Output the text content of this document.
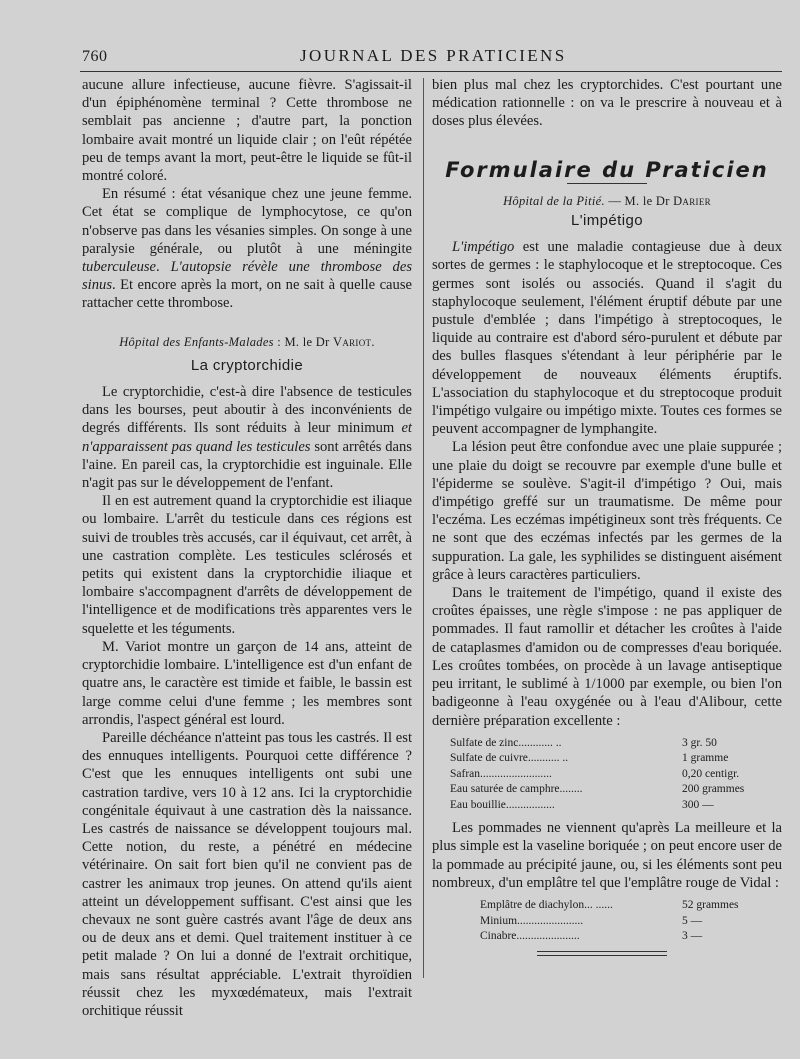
760	JOURNAL DES PRATICIENS

aucune allure infectieuse, aucune fièvre. S'agissait-il d'un épiphénomène terminal ? Cette thrombose ne semblait pas ancienne ; d'autre part, la ponction lombaire avait montré un liquide clair ; on l'eût répétée peu de temps avant la mort, peut-être le liquide se fût-il montré coloré.

En résumé : état vésanique chez une jeune femme. Cet état se complique de lymphocytose, ce qu'on n'observe pas dans les vésanies simples. On songe à une paralysie générale, ou plutôt à une méningite tuberculeuse. L'autopsie révèle une thrombose des sinus. Et encore après la mort, on ne sait à quelle cause rattacher cette thrombose.

Hôpital des Enfants-Malades : M. le Dr Variot.

La cryptorchidie

Le cryptorchidie, c'est-à dire l'absence de testicules dans les bourses, peut aboutir à des inconvénients de degrés différents. Ils sont réduits à leur minimum et n'apparaissent pas quand les testicules sont arrêtés dans l'aine. En pareil cas, la cryptorchidie est inguinale. Elle n'agit pas sur le développement de l'enfant.

Il en est autrement quand la cryptorchidie est iliaque ou lombaire. L'arrêt du testicule dans ces régions est suivi de troubles très accusés, car il équivaut, cet arrêt, à une castration complète. Les testicules sclérosés et petits qui existent dans la cryptorchidie iliaque et lombaire s'accompagnent d'arrêts de développement de l'intelligence et de modifications très apparentes vers le squelette et les téguments.

M. Variot montre un garçon de 14 ans, atteint de cryptorchidie lombaire. L'intelligence est d'un enfant de quatre ans, le caractère est timide et faible, le bassin est large comme celui d'une femme ; les membres sont arrondis, l'aspect général est lourd.

Pareille déchéance n'atteint pas tous les castrés. Il est des ennuques intelligents. Pourquoi cette différence ? C'est que les ennuques intelligents ont subi une castration tardive, vers 10 à 12 ans. Ici la cryptorchidie congénitale équivaut à une castration dès la naissance. Les castrés de naissance se développent toujours mal. Cette notion, du reste, a pénétré en médecine vétérinaire. On sait fort bien qu'il ne convient pas de castrer les animaux trop jeunes. On attend qu'ils aient atteint un développement suffisant. C'est ainsi que les chevaux ne sont guère castrés avant l'âge de deux ans ou de deux ans et demi. Quel traitement instituer à ce petit malade ? On lui a donné de l'extrait orchitique, mais sans résultat appréciable. L'extrait thyroïdien réussit chez les myxœdémateux, mais l'extrait orchitique réussit

bien plus mal chez les cryptorchides. C'est pourtant une médication rationnelle : on va le prescrire à nouveau et à doses plus élevées.

Formulaire du Praticien

Hôpital de la Pitié. — M. le Dr Darier

L'impétigo

L'impétigo est une maladie contagieuse due à deux sortes de germes : le staphylocoque et le streptocoque. Ces germes sont isolés ou associés. Quand il s'agit du staphylocoque seulement, l'élément éruptif débute par une pustule d'emblée ; dans l'impétigo à streptocoques, le liquide au contraire est d'abord séro-purulent et débute par des bulles flasques s'étendant à leur périphérie par le développement de nouveaux éléments éruptifs. L'association du staphylocoque et du streptocoque produit l'impétigo vulgaire ou impétigo mixte. Toutes ces formes se peuvent accompagner de lymphangite.

La lésion peut être confondue avec une plaie suppurée ; une plaie du doigt se recouvre par exemple d'une bulle et l'épiderme se soulève. S'agit-il d'impétigo ? Oui, mais d'impétigo greffé sur un traumatisme. De même pour l'eczéma. Les eczémas impétigineux sont très fréquents. Ce ne sont que des eczémas infectés par les germes de la suppuration. La gale, les syphilides se distinguent aisément grâce à leurs caractères particuliers.

Dans le traitement de l'impétigo, quand il existe des croûtes épaisses, une règle s'impose : ne pas appliquer de pommades. Il faut ramollir et détacher les croûtes à l'aide de cataplasmes d'amidon ou de compresses d'eau boriquée. Les croûtes tombées, on procède à un lavage antiseptique peu irritant, le sublimé à 1/1000 par exemple, ou bien l'on badigeonne à l'eau oxygénée ou à l'eau d'Alibour, cette dernière préparation excellente :

Sulfate de zinc............ ..	3 gr. 50
Sulfate de cuivre........... ..	1 gramme
Safran.........................	0,20 centigr.
Eau saturée de camphre........	200 grammes
Eau bouillie.................	300 —

Les pommades ne viennent qu'après La meilleure et la plus simple est la vaseline boriquée ; on peut encore user de la pommade au précipité jaune, ou, si les éléments sont peu nombreux, d'un emplâtre tel que l'emplâtre rouge de Vidal :

Emplâtre de diachylon... ......	52 grammes
Minium.......................	5 —
Cinabre......................	3 —
